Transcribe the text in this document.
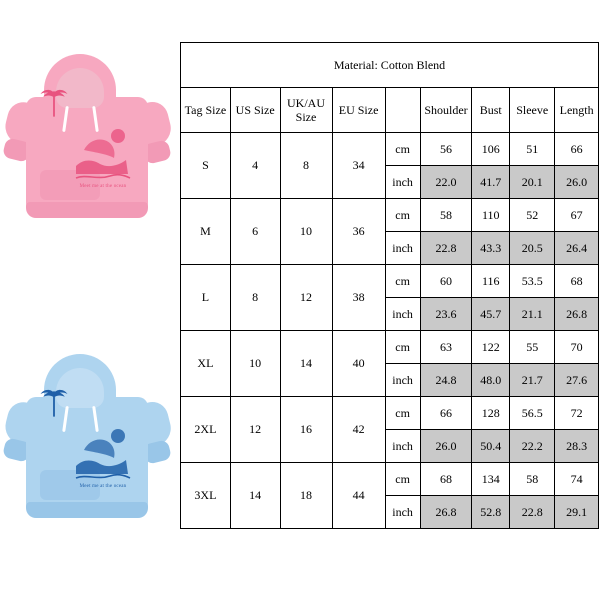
Meet me at the ocean
Meet me at the ocean
Material: Cotton Blend								
Tag Size	US Size	UK/AU Size	EU Size		Shoulder	Bust	Sleeve	Length
S	4	8	34	cm	56	106	51	66
				inch	22.0	41.7	20.1	26.0
M	6	10	36	cm	58	110	52	67
				inch	22.8	43.3	20.5	26.4
L	8	12	38	cm	60	116	53.5	68
				inch	23.6	45.7	21.1	26.8
XL	10	14	40	cm	63	122	55	70
				inch	24.8	48.0	21.7	27.6
2XL	12	16	42	cm	66	128	56.5	72
				inch	26.0	50.4	22.2	28.3
3XL	14	18	44	cm	68	134	58	74
				inch	26.8	52.8	22.8	29.1
